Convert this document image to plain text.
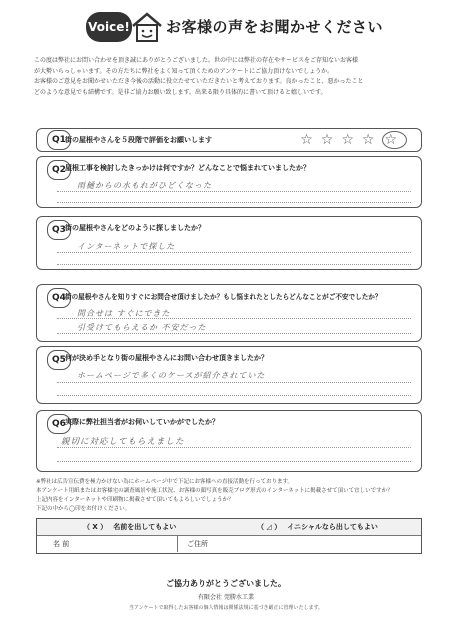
Voice! お客様の声をお聞かせください
この度は弊社にお問い合わせを頂き誠にありがとうございました。世の中には弊社の存在やサービスをご存知ないお客様
が大勢いらっしゃいます。その方たちに弊社をよく知って頂くためのアンケートにご協力頂けないでしょうか。
お客様のご意見をお聞かせいただき今後の活動に役立たせていただきたいと考えております。良かったこと、悪かったこと
どのような意見でも結構です。是非ご協力お願い致します。出来る限り具体的に書いて頂けると嬉しいです。
Q1 街の屋根やさんを５段階で評価をお願いします	☆☆☆☆ ☆
Q2 屋根工事を検討したきっかけは何ですか？どんなことで悩まれていましたか？
雨樋からの水もれがひどくなった
Q3 街の屋根やさんをどのように探しましたか？
インターネットで探した
Q4 街の屋根やさんを知りすぐにお問合せ頂けましたか？もし悩まれたとしたらどんなことがご不安でしたか？
問合せは すぐにできた
引受けてもらえるか 不安だった
Q5 何が決め手となり街の屋根やさんにお問い合わせ頂きましたか？
ホームページで多くのケースが紹介されていた
Q6 実際に弊社担当者がお伺いしていかがでしたか？
親切に対応してもらえました
※弊社は広告宣伝費を極力かけない為にホームページ中で下記にお客様への直接活動を行っております。
本アンケート用紙またはお客様宅の調査風景や施工状況、お客様の顔写真を販売ブログ形式のインターネットに掲載させて頂いて宜しいですか？
上記内容をインターネットや印刷物に掲載させて頂いてもよろしいでしょうか？
下記の中から◯印をお付けください。
（ X ） 名前を出してもよい	（ ◿ ） イニシャルなら出してもよい
名 前	ご住所
ご協力ありがとうございました。
有限会社 莞勝水工業
当アンケートで取得したお客様の個人情報は関係法規に基づき厳正に管理いたします。
